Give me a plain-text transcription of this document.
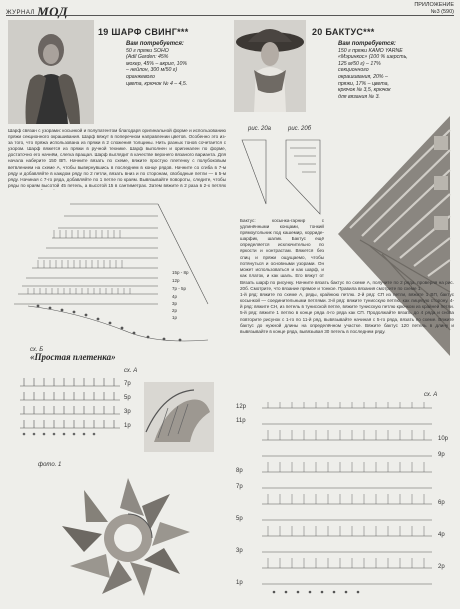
ЖУРНАЛ МОД	ПРИЛОЖЕНИЕ
№3 (590)
19 ШАРФ СВИНГ***
Вам потребуется:
50 г пряжи SOHO
(Adil Garden: 45%
мохер, 45% – акрил, 10%
– нейлон, 300 м/50 г)
оранжевого
цвета, крючок № 4 – 4,5.
Шарф связан с узорами: косынкой и полупатентом благодаря оригинальной форме и использованию пряжи секционного окрашивания. Шарф вяжут в поперечном направлении цветов. Особенно это из-за того, что пряжа использована из пряжи в 2 сложения толщины. Нить разных тонов сочетается с узором. Шарф вяжется из пряжи в ручной технике. Шарф выполнен и оригинален по форме, достаточно его начнём, слегка вращая. Шарф выглядит в качестве верхнего вязаного варианта. Для начала наберите 150 ВП. Начните вязать по схеме, вяжите простую плетенку с полубоковым ветвлением на схеме А, чтобы вывернувшись в последнем в конце рядов. Начните со сгиба в 7-м ряду и добавляйте в каждом ряду по 2 петли, вязать вниз и по сторонам, свободные петли — в 5-м ряду. Начиная с 7-го ряда, добавляйте по 1 петле по краям. Вывязывайте повороты, следите, чтобы ряды по краям высотой 45 петель, а высотой 15 в сантиметрах. Затем вяжите в 2 раза в 2-х петлях
15р - 8р
12р
7р - 5р
4р
3р
2р
1р
сх. Б
«Простая плетенка»
сх. А
7р
5р
3р
1р
фото. 1
20 БАКТУС***
Вам потребуется:
150 г пряжи KAMO YARNE
«Мэринкос» (100 % шерсть,
125 м/50 г) – 17%
секционного
окрашивания, 20% –
пряжи, 17% – цвета,
крючок № 3,5, крючок
для вязания № 3.
рис. 20а	рис. 20б
Бактус: косынка-гарнир с удлинёнными концами, тонкий прямоугольник под кашемир, корриде-шарфик, шалик. Бактус ещё определяется исключительно по яркости и контрастам. Вяжется без спиц и пряжи ощущаемо, чтобы потянуться и основными узорами. Он может использоваться и как шарф, и как платок, и как шаль. Его вяжут от
Вязать шарф по рисунку. Начните вязать бактус по схеме А, получите по 2 ряда, проверяя на рис. 20б. Смотрите, что вязание прямое и тонкое. Правила вязания смотрите по схеме 1.
1-й ряд: вяжите по схеме А, ряды, крайнюю петлю. 2-й ряд: СП из петли, вяжите 1 ВП, бактус косынкой — соединительными петлями. 3-й ряд: вяжите тунисскую петлю, как лицевую сторону. 4-й ряд: вяжите СН, из петель в тунисской петле, вяжите тунисскую петлю крючком из крайней петли. 5-й ряд: вяжите 1 петлю в конце ряда 4-го ряда как СП. Продолжайте вязать до 4 ряда и снова повторите рисунок с 1-го по 11-й ряд, вывязывайте начиная с 5-го ряда, вязать по схеме. Вяжите бактус до нужной длины на определённом участке. Вяжите бактус 120 петель в длину и вывязывайте в конце ряда, вывязывая 30 петель в последнем ряду.
сх. А
12р
11р
10р
9р
8р
7р
6р
5р
4р
3р
2р
1р
